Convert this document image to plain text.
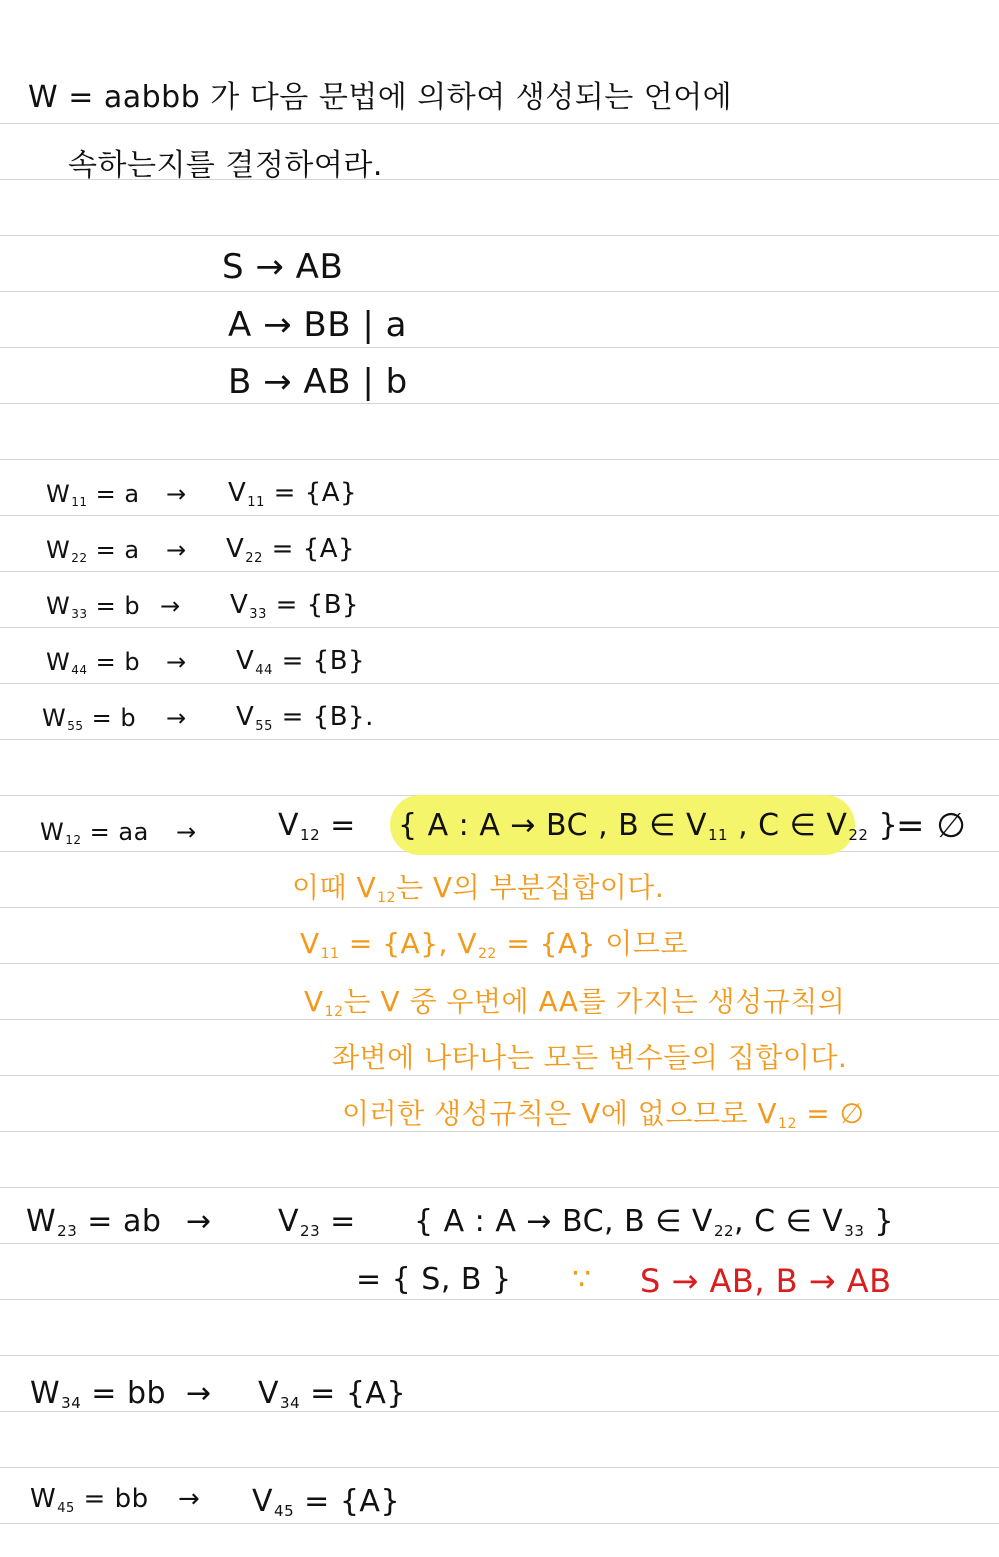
W = aabbb 가 다음 문법에 의하여 생성되는 언어에
속하는지를 결정하여라.
S → AB
A → BB | a
B → AB | b
$W_{11} = a \to V_{11} = \{A\}$
$W_{22} = a \to V_{22} = \{A\}$
$W_{33} = b \to V_{33} = \{B\}$
$W_{44} = b \to V_{44} = \{B\}$
$W_{55} = b \to V_{55} = \{B\}$.
$W_{12}$ = aa →	$V_{12}$ = { A : A → BC , B ∈ $V_{11}$ , C ∈ $V_{22}$ }
= ∅
이때 $V_{12}$는 V의 부분집합이다.
$V_{11} = \{A\}$, $V_{22} = \{A\}$ 이므로
$V_{12}$는 V 중 우변에 AA를 가지는 생성규칙의
좌변에 나타나는 모든 변수들의 집합이다.
이러한 생성규칙은 V에 없으므로 $V_{12}$ = ∅
$W_{23}$ = ab → $V_{23}$ = { A : A → BC, B ∈ $V_{22}$, C ∈ $V_{33}$ }
= { S, B } ∵ S → AB, B → AB
$W_{34}$ = bb → $V_{34} = \{A\}$
$W_{45}$ = bb → $V_{45} = \{A\}$
